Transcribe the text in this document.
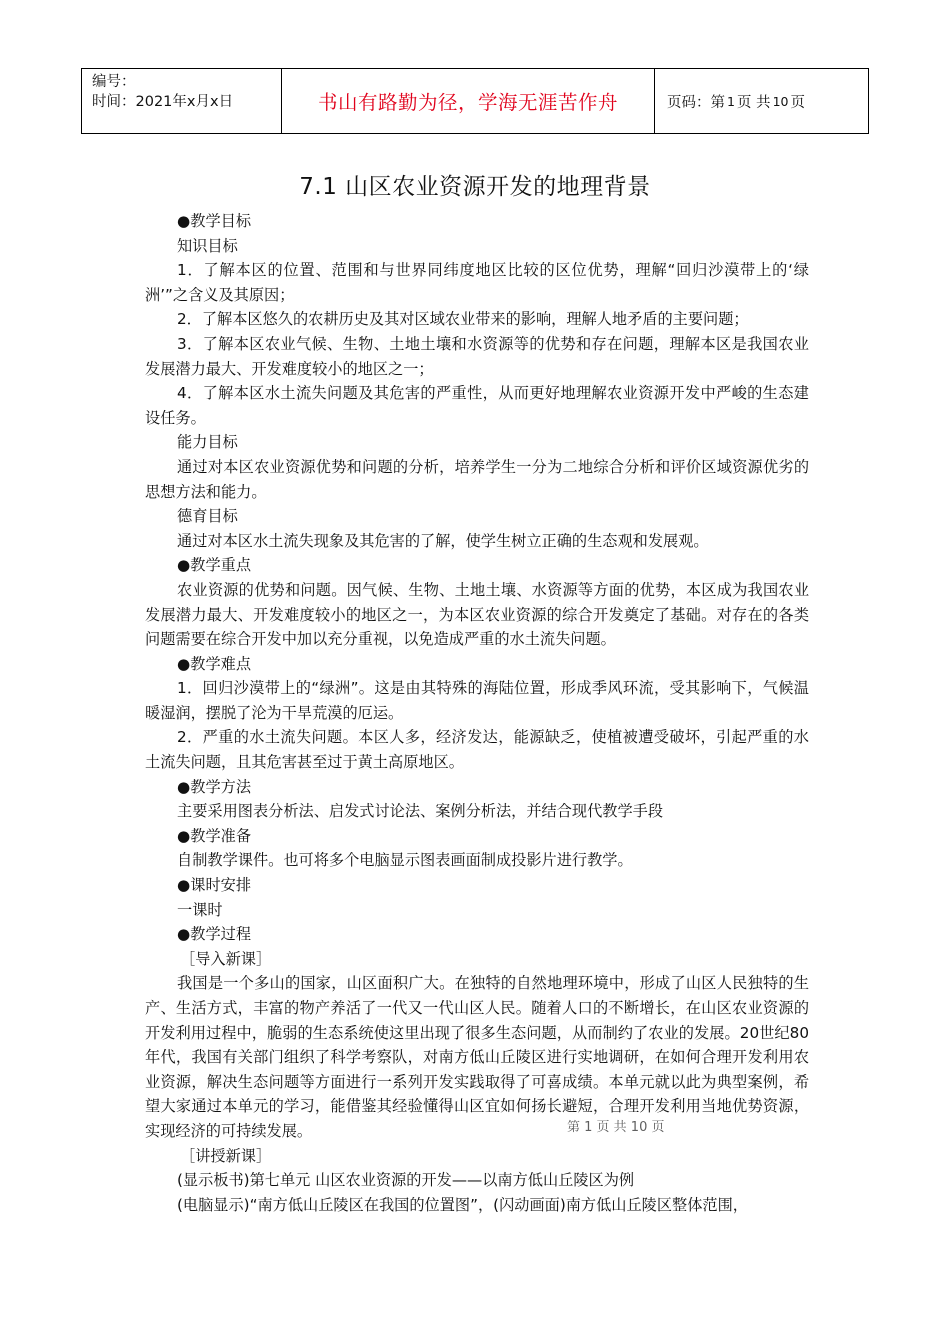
编号：
时间：2021年x月x日	书山有路勤为径，学海无涯苦作舟	页码：第 1 页 共 10 页
7.1 山区农业资源开发的地理背景

●教学目标

知识目标

1．了解本区的位置、范围和与世界同纬度地区比较的区位优势，理解“回归沙漠带上的‘绿洲’”之含义及其原因；

2．了解本区悠久的农耕历史及其对区域农业带来的影响，理解人地矛盾的主要问题；

3．了解本区农业气候、生物、土地土壤和水资源等的优势和存在问题，理解本区是我国农业发展潜力最大、开发难度较小的地区之一；

4．了解本区水土流失问题及其危害的严重性，从而更好地理解农业资源开发中严峻的生态建设任务。

能力目标

通过对本区农业资源优势和问题的分析，培养学生一分为二地综合分析和评价区域资源优劣的思想方法和能力。

德育目标

通过对本区水土流失现象及其危害的了解，使学生树立正确的生态观和发展观。

●教学重点

农业资源的优势和问题。因气候、生物、土地土壤、水资源等方面的优势，本区成为我国农业发展潜力最大、开发难度较小的地区之一，为本区农业资源的综合开发奠定了基础。对存在的各类问题需要在综合开发中加以充分重视，以免造成严重的水土流失问题。

●教学难点

1．回归沙漠带上的“绿洲”。这是由其特殊的海陆位置，形成季风环流，受其影响下，气候温暖湿润，摆脱了沦为干旱荒漠的厄运。

2．严重的水土流失问题。本区人多，经济发达，能源缺乏，使植被遭受破坏，引起严重的水土流失问题，且其危害甚至过于黄土高原地区。

●教学方法

主要采用图表分析法、启发式讨论法、案例分析法，并结合现代教学手段

●教学准备

自制教学课件。也可将多个电脑显示图表画面制成投影片进行教学。

●课时安排

一课时

●教学过程

［导入新课］

我国是一个多山的国家，山区面积广大。在独特的自然地理环境中，形成了山区人民独特的生产、生活方式，丰富的物产养活了一代又一代山区人民。随着人口的不断增长，在山区农业资源的开发利用过程中，脆弱的生态系统使这里出现了很多生态问题，从而制约了农业的发展。20世纪80年代，我国有关部门组织了科学考察队，对南方低山丘陵区进行实地调研，在如何合理开发利用农业资源，解决生态问题等方面进行一系列开发实践取得了可喜成绩。本单元就以此为典型案例，希望大家通过本单元的学习，能借鉴其经验懂得山区宜如何扬长避短，合理开发利用当地优势资源，实现经济的可持续发展。

［讲授新课］

(显示板书)第七单元 山区农业资源的开发——以南方低山丘陵区为例

(电脑显示)“南方低山丘陵区在我国的位置图”，(闪动画面)南方低山丘陵区整体范围，

第 1 页 共 10 页
